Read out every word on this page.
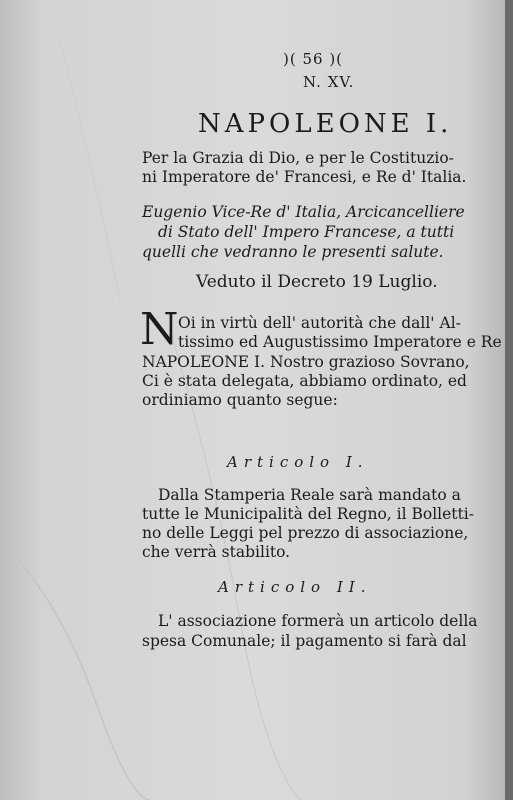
)( 56 )(
N. XV.
NAPOLEONE I.
Per la Grazia di Dio, e per le Costituzio-
ni Imperatore de' Francesi, e Re d' Italia.
Eugenio Vice-Re d' Italia, Arcicancelliere
di Stato dell' Impero Francese, a tutti
quelli che vedranno le presenti salute.
Veduto il Decreto 19 Luglio.
N Oi in virtù dell' autorità che dall' Al-
tissimo ed Augustissimo Imperatore e Re
NAPOLEONE I. Nostro grazioso Sovrano,
Ci è stata delegata, abbiamo ordinato, ed
ordiniamo quanto segue:
Articolo I.
Dalla Stamperia Reale sarà mandato a
tutte le Municipalità del Regno, il Bolletti-
no delle Leggi pel prezzo di associazione,
che verrà stabilito.
Articolo II.
L' associazione formerà un articolo della
spesa Comunale; il pagamento si farà dal
